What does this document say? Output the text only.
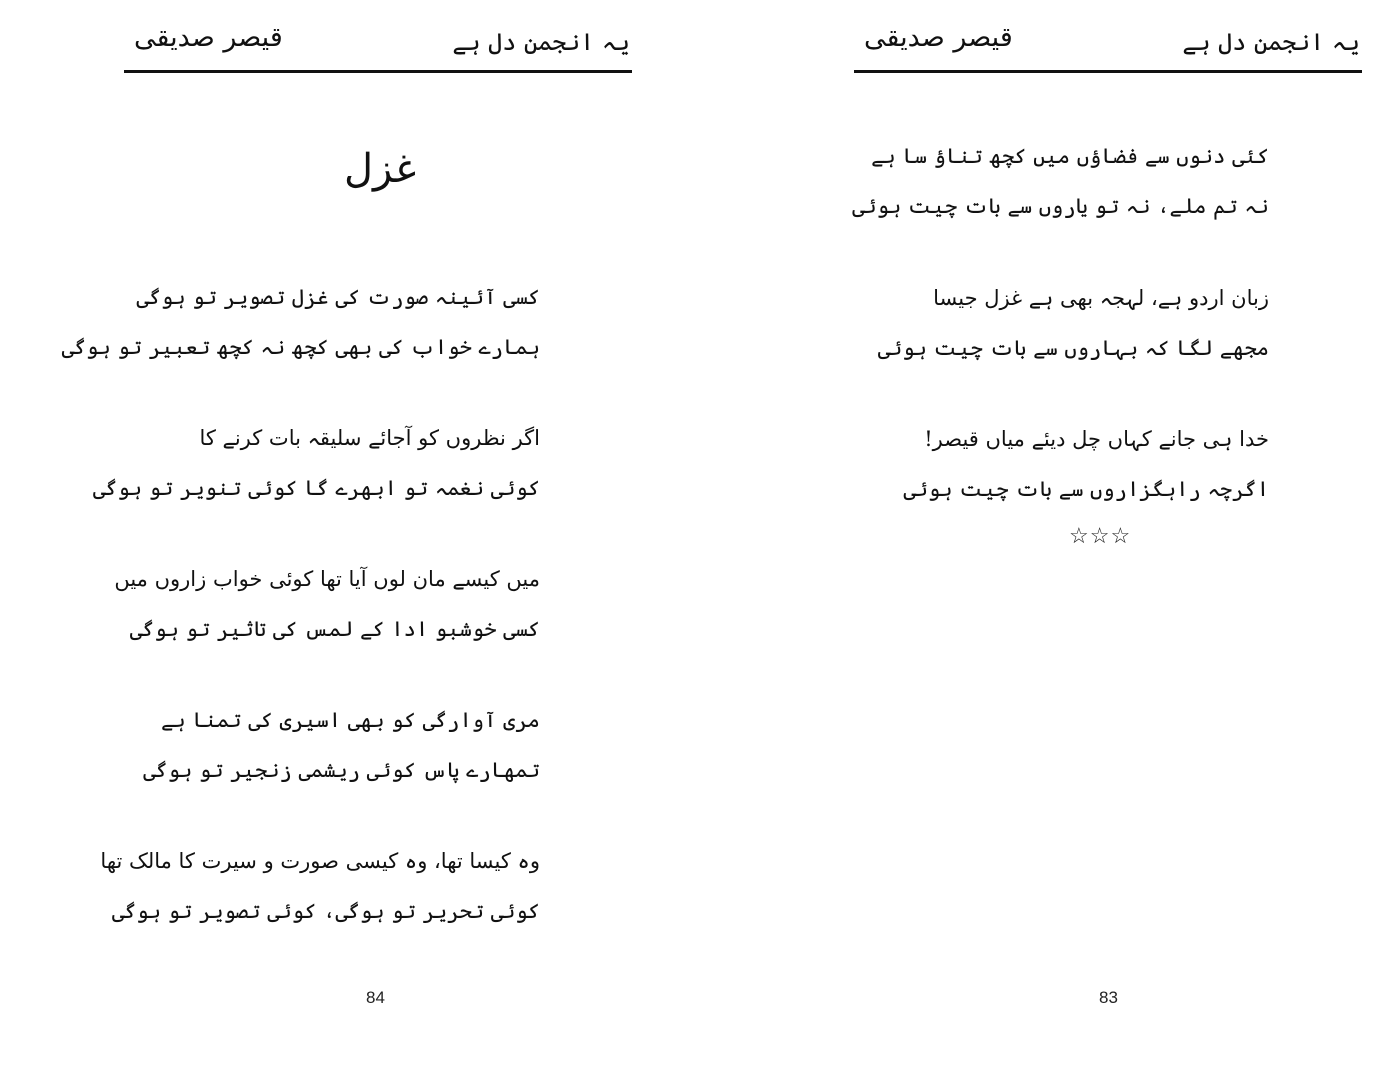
قیصر صدیقی	یہ انجمن دل ہے
غزل
کسی آئینہ صورت کی غزل تصویر تو ہوگی
ہمارے خواب کی بھی کچھ نہ کچھ تعبیر تو ہوگی
اگر نظروں کو آجائے سلیقہ بات کرنے کا
کوئی نغمہ تو ابھرے گا کوئی تنویر تو ہوگی
میں کیسے مان لوں آیا تھا کوئی خواب زاروں میں
کسی خوشبو ادا کے لمس کی تاثیر تو ہوگی
مری آوارگی کو بھی اسیری کی تمنا ہے
تمھارے پاس کوئی ریشمی زنجیر تو ہوگی
وہ کیسا تھا، وہ کیسی صورت و سیرت کا مالک تھا
کوئی تحریر تو ہوگی، کوئی تصویر تو ہوگی
84
قیصر صدیقی	یہ انجمن دل ہے
کئی دنوں سے فضاؤں میں کچھ تناؤ سا ہے
نہ تم ملے، نہ تو یاروں سے بات چیت ہوئی
زبان اردو ہے، لہجہ بھی ہے غزل جیسا
مجھے لگا کہ بہاروں سے بات چیت ہوئی
خدا ہی جانے کہاں چل دیئے میاں قیصر!
اگرچہ راہگزاروں سے بات چیت ہوئی
☆☆☆
83
